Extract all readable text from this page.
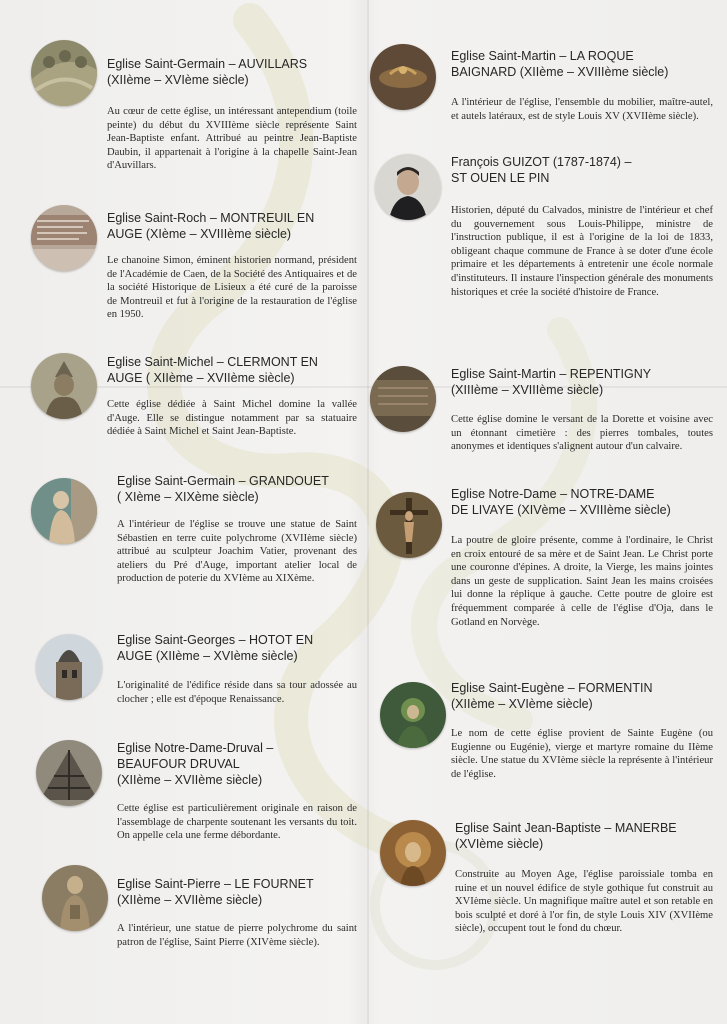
Eglise Saint-Germain – AUVILLARS
(XIIème – XVIème siècle)
Au cœur de cette église, un intéressant antependium (toile peinte) du début du XVIIIème siècle représente Saint Jean-Baptiste enfant. Attribué au peintre Jean-Baptiste Daubin, il appartenait à l'origine à la chapelle Saint-Jean d'Auvillars.
Eglise Saint-Roch – MONTREUIL EN
AUGE (XIème – XVIIIème siècle)
Le chanoine Simon, éminent historien normand, président de l'Académie de Caen, de la Société des Antiquaires et de la société Historique de Lisieux a été curé de la paroisse de Montreuil et fut à l'origine de la restauration de l'église en 1950.
Eglise Saint-Michel – CLERMONT EN
AUGE ( XIIème – XVIIème siècle)
Cette église dédiée à Saint Michel domine la vallée d'Auge. Elle se distingue notamment par sa statuaire dédiée à Saint Michel et Saint Jean-Baptiste.
Eglise Saint-Germain – GRANDOUET
( XIème – XIXème siècle)
A l'intérieur de l'église se trouve une statue de Saint Sébastien en terre cuite polychrome (XVIIème siècle) attribué au sculpteur Joachim Vatier, provenant des ateliers du Pré d'Auge, important atelier local de production de poterie du XVIème au XIXème.
Eglise Saint-Georges – HOTOT EN
AUGE (XIIème – XVIème siècle)
L'originalité de l'édifice réside dans sa tour adossée au clocher ; elle est d'époque Renaissance.
Eglise Notre-Dame-Druval –
BEAUFOUR DRUVAL
(XIIème – XVIIème siècle)
Cette église est particulièrement originale en raison de l'assemblage de charpente soutenant les versants du toit. On appelle cela une ferme débordante.
Eglise Saint-Pierre – LE FOURNET
(XIIème – XVIIème siècle)
A l'intérieur, une statue de pierre polychrome du saint patron de l'église, Saint Pierre (XIVème siècle).
Eglise Saint-Martin – LA ROQUE
BAIGNARD (XIIème – XVIIIème siècle)
A l'intérieur de l'église, l'ensemble du mobilier, maître-autel, et autels latéraux, est de style Louis XV (XVIIème siècle).
François GUIZOT (1787-1874) –
ST OUEN LE PIN
Historien, député du Calvados, ministre de l'intérieur et chef du gouvernement sous Louis-Philippe, ministre de l'instruction publique, il est à l'origine de la loi de 1833, obligeant chaque commune de France à se doter d'une école primaire et les départements à entretenir une école normale d'instituteurs. Il instaure l'inspection générale des monuments historiques et crée la société d'histoire de France.
Eglise Saint-Martin – REPENTIGNY
(XIIIème – XVIIIème siècle)
Cette église domine le versant de la Dorette et voisine avec un étonnant cimetière : des pierres tombales, toutes anonymes et identiques s'alignent autour d'un calvaire.
Eglise Notre-Dame – NOTRE-DAME
DE LIVAYE (XIVème – XVIIIème siècle)
La poutre de gloire présente, comme à l'ordinaire, le Christ en croix entouré de sa mère et de Saint Jean. Le Christ porte une couronne d'épines. A droite, la Vierge, les mains jointes dans un geste de supplication. Saint Jean les mains croisées lui donne la réplique à gauche. Cette poutre de gloire est fréquemment comparée à celle de l'église d'Oja, dans le Gotland en Norvège.
Eglise Saint-Eugène – FORMENTIN
(XIIème – XVIème siècle)
Le nom de cette église provient de Sainte Eugène (ou Eugienne ou Eugénie), vierge et martyre romaine du IIème siècle. Une statue du XVIème siècle la représente à l'intérieur de l'église.
Eglise Saint Jean-Baptiste – MANERBE
(XVIème siècle)
Construite au Moyen Age, l'église paroissiale tomba en ruine et un nouvel édifice de style gothique fut construit au XVIème siècle. Un magnifique maître autel et son retable en bois sculpté et doré à l'or fin, de style Louis XIV (XVIIème siècle), occupent tout le fond du chœur.
